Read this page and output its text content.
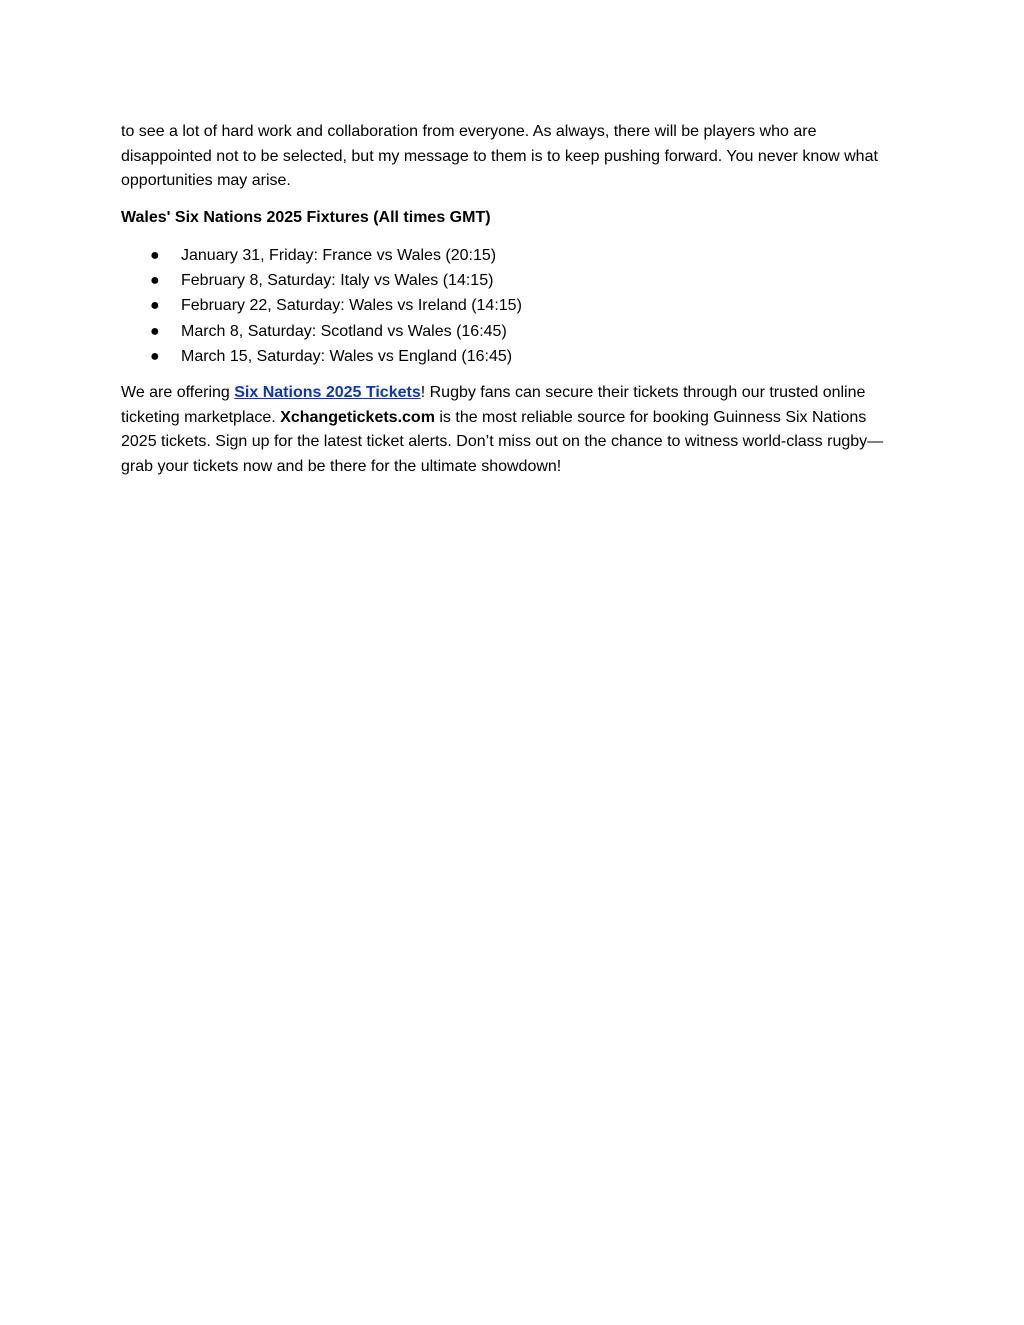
to see a lot of hard work and collaboration from everyone. As always, there will be players who are disappointed not to be selected, but my message to them is to keep pushing forward. You never know what opportunities may arise.

Wales' Six Nations 2025 Fixtures (All times GMT)

● January 31, Friday: France vs Wales (20:15)
● February 8, Saturday: Italy vs Wales (14:15)
● February 22, Saturday: Wales vs Ireland (14:15)
● March 8, Saturday: Scotland vs Wales (16:45)
● March 15, Saturday: Wales vs England (16:45)

We are offering Six Nations 2025 Tickets! Rugby fans can secure their tickets through our trusted online ticketing marketplace. Xchangetickets.com is the most reliable source for booking Guinness Six Nations 2025 tickets. Sign up for the latest ticket alerts. Don’t miss out on the chance to witness world-class rugby—grab your tickets now and be there for the ultimate showdown!
